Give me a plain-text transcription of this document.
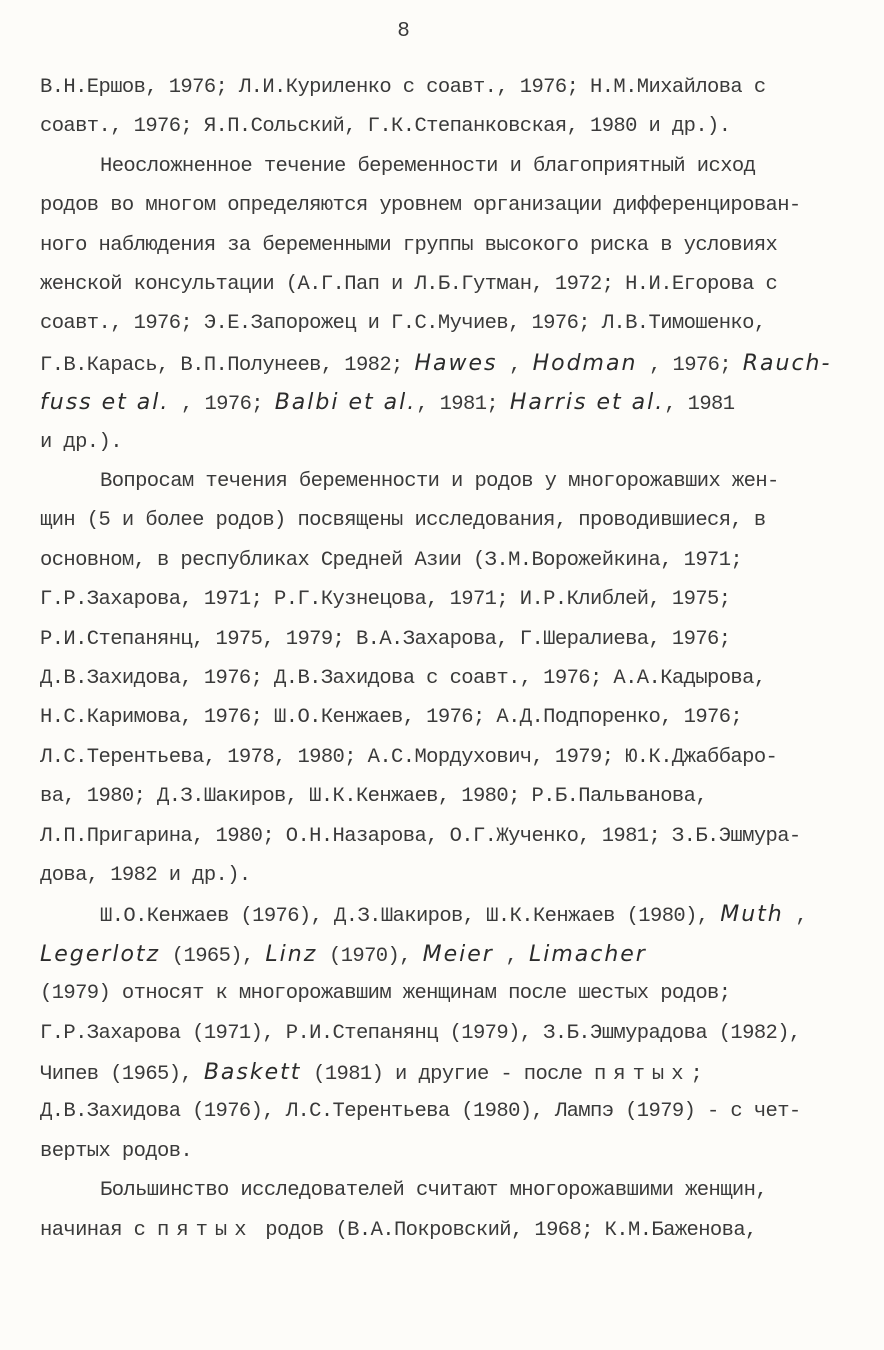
8
В.Н.Ершов, 1976; Л.И.Куриленко с соавт., 1976; Н.М.Михайлова с
соавт., 1976; Я.П.Сольский, Г.К.Степанковская, 1980 и др.).
Неосложненное течение беременности и благоприятный исход
родов во многом определяются уровнем организации дифференцирован-
ного наблюдения за беременными группы высокого риска в условиях
женской консультации (А.Г.Пап и Л.Б.Гутман, 1972; Н.И.Егорова с
соавт., 1976; Э.Е.Запорожец и Г.С.Мучиев, 1976; Л.В.Тимошенко,
Г.В.Карась, В.П.Полунеев, 1982; Hawes , Hodman , 1976; Rauch-
fuss et al. , 1976; Balbi et al., 1981; Harris et al., 1981
и др.).
Вопросам течения беременности и родов у многорожавших жен-
щин (5 и более родов) посвящены исследования, проводившиеся, в
основном, в республиках Средней Азии (З.М.Ворожейкина, 1971;
Г.Р.Захарова, 1971; Р.Г.Кузнецова, 1971; И.Р.Клиблей, 1975;
Р.И.Степанянц, 1975, 1979; В.А.Захарова, Г.Шералиева, 1976;
Д.В.Захидова, 1976; Д.В.Захидова с соавт., 1976; А.А.Кадырова,
Н.С.Каримова, 1976; Ш.О.Кенжаев, 1976; А.Д.Подпоренко, 1976;
Л.С.Терентьева, 1978, 1980; А.С.Мордухович, 1979; Ю.К.Джаббаро-
ва, 1980; Д.З.Шакиров, Ш.К.Кенжаев, 1980; Р.Б.Пальванова,
Л.П.Пригарина, 1980; О.Н.Назарова, О.Г.Жученко, 1981; З.Б.Эшмура-
дова, 1982 и др.).
Ш.О.Кенжаев (1976), Д.З.Шакиров, Ш.К.Кенжаев (1980), Muth ,
Legerlotz (1965), Linz (1970), Meier , Limacher
(1979) относят к многорожавшим женщинам после шестых родов;
Г.Р.Захарова (1971), Р.И.Степанянц (1979), З.Б.Эшмурадова (1982),
Чипев (1965), Baskett (1981) и другие - после пятых;
Д.В.Захидова (1976), Л.С.Терентьева (1980), Лампэ (1979) - с чет-
вертых родов.
Большинство исследователей считают многорожавшими женщин,
начиная с пятых родов (В.А.Покровский, 1968; К.М.Баженова,
